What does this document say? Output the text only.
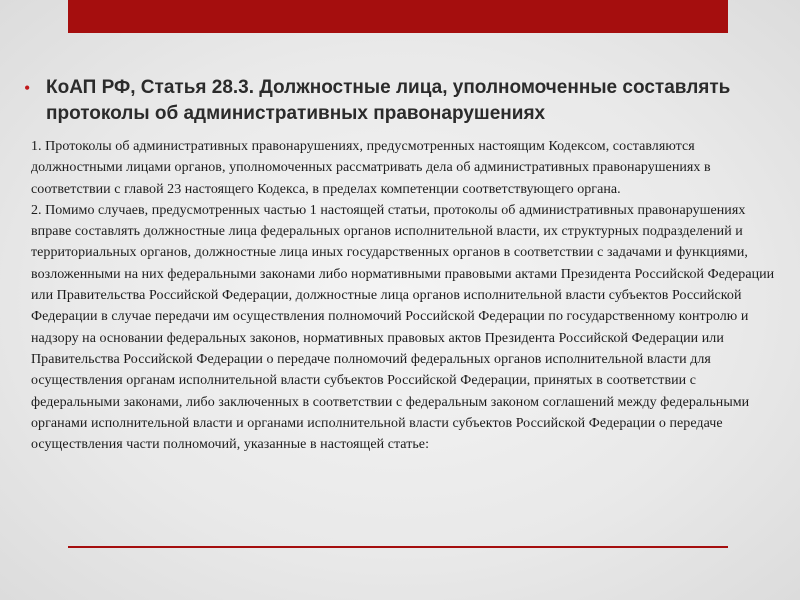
• КоАП РФ, Статья 28.3. Должностные лица, уполномоченные составлять протоколы об административных правонарушениях

1. Протоколы об административных правонарушениях, предусмотренных настоящим Кодексом, составляются должностными лицами органов, уполномоченных рассматривать дела об административных правонарушениях в соответствии с главой 23 настоящего Кодекса, в пределах компетенции соответствующего органа.

2. Помимо случаев, предусмотренных частью 1 настоящей статьи, протоколы об административных правонарушениях вправе составлять должностные лица федеральных органов исполнительной власти, их структурных подразделений и территориальных органов, должностные лица иных государственных органов в соответствии с задачами и функциями, возложенными на них федеральными законами либо нормативными правовыми актами Президента Российской Федерации или Правительства Российской Федерации, должностные лица органов исполнительной власти субъектов Российской Федерации в случае передачи им осуществления полномочий Российской Федерации по государственному контролю и надзору на основании федеральных законов, нормативных правовых актов Президента Российской Федерации или Правительства Российской Федерации о передаче полномочий федеральных органов исполнительной власти для осуществления органам исполнительной власти субъектов Российской Федерации, принятых в соответствии с федеральными законами, либо заключенных в соответствии с федеральным законом соглашений между федеральными органами исполнительной власти и органами исполнительной власти субъектов Российской Федерации о передаче осуществления части полномочий, указанные в настоящей статье:
